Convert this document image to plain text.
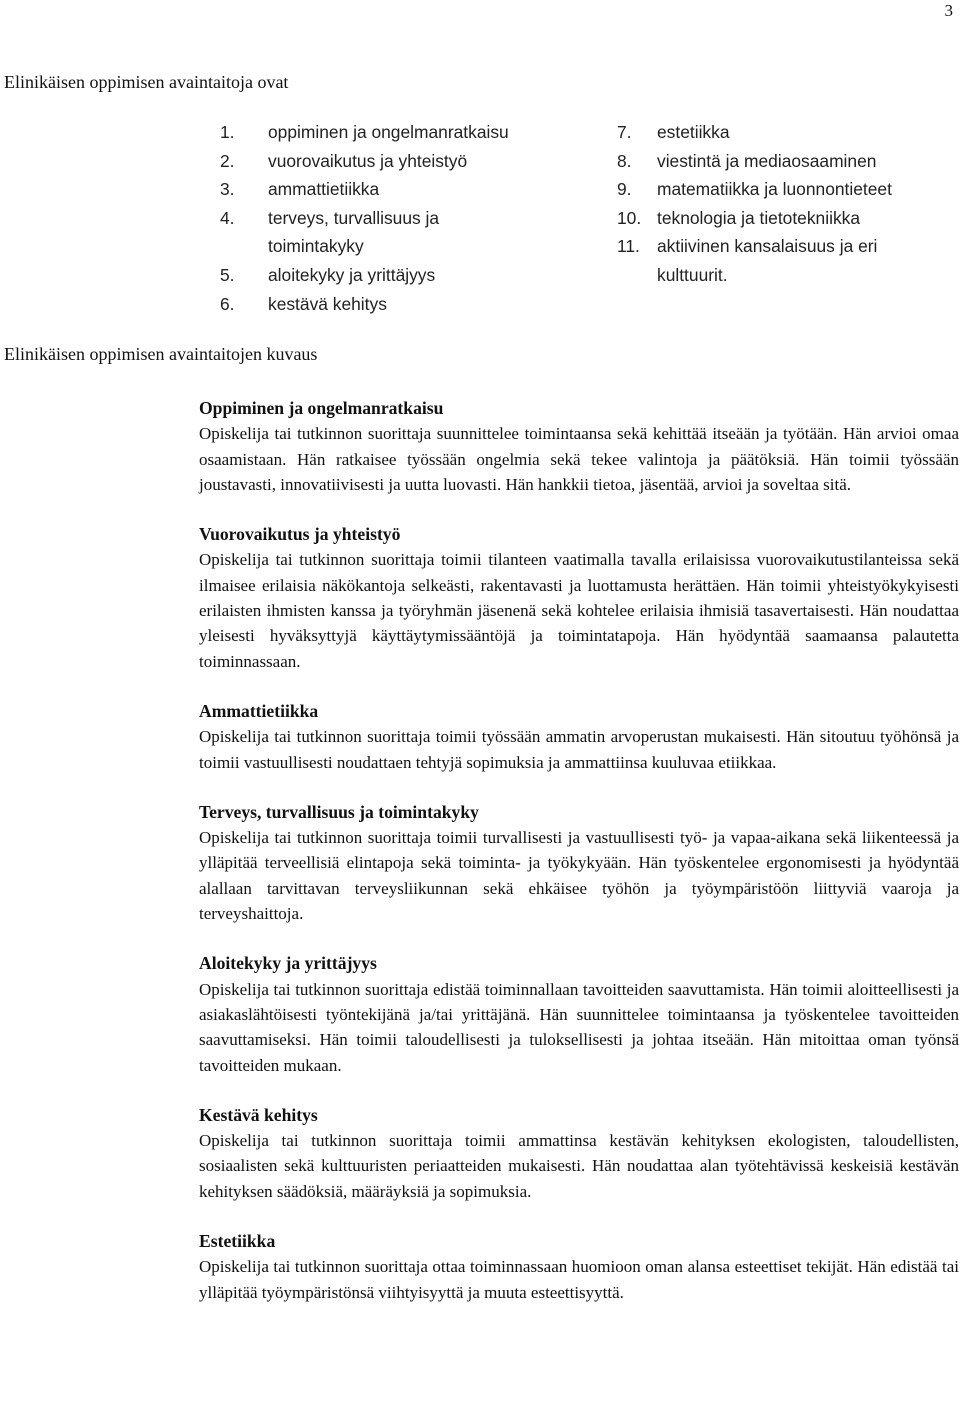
3
Elinikäisen oppimisen avaintaitoja ovat
1.	oppiminen ja ongelmanratkaisu
2.	vuorovaikutus ja yhteistyö
3.	ammattietiikka
4.	terveys, turvallisuus ja toimintakyky
5.	aloitekyky ja yrittäjyys
6.	kestävä kehitys
7.	estetiikka
8.	viestintä ja mediaosaaminen
9.	matematiikka ja luonnontieteet
10. teknologia ja tietotekniikka
11. aktiivinen kansalaisuus ja eri kulttuurit.
Elinikäisen oppimisen avaintaitojen kuvaus
Oppiminen ja ongelmanratkaisu
Opiskelija tai tutkinnon suorittaja suunnittelee toimintaansa sekä kehittää itseään ja työtään. Hän arvioi omaa osaamistaan. Hän ratkaisee työssään ongelmia sekä tekee valintoja ja päätöksiä. Hän toimii työssään joustavasti, innovatiivisesti ja uutta luovasti. Hän hankkii tietoa, jäsentää, arvioi ja soveltaa sitä.
Vuorovaikutus ja yhteistyö
Opiskelija tai tutkinnon suorittaja toimii tilanteen vaatimalla tavalla erilaisissa vuorovaikutustilanteissa sekä ilmaisee erilaisia näkökantoja selkeästi, rakentavasti ja luottamusta herättäen. Hän toimii yhteistyökykyisesti erilaisten ihmisten kanssa ja työryhmän jäsenenä sekä kohtelee erilaisia ihmisiä tasavertaisesti. Hän noudattaa yleisesti hyväksyttyjä käyttäytymissääntöjä ja toimintatapoja. Hän hyödyntää saamaansa palautetta toiminnassaan.
Ammattietiikka
Opiskelija tai tutkinnon suorittaja toimii työssään ammatin arvoperustan mukaisesti. Hän sitoutuu työhönsä ja toimii vastuullisesti noudattaen tehtyjä sopimuksia ja ammattiinsa kuuluvaa etiikkaa.
Terveys, turvallisuus ja toimintakyky
Opiskelija tai tutkinnon suorittaja toimii turvallisesti ja vastuullisesti työ- ja vapaa-aikana sekä liikenteessä ja ylläpitää terveellisiä elintapoja sekä toiminta- ja työkykyään. Hän työskentelee ergonomisesti ja hyödyntää alallaan tarvittavan terveysliikunnan sekä ehkäisee työhön ja työympäristöön liittyviä vaaroja ja terveyshaittoja.
Aloitekyky ja yrittäjyys
Opiskelija tai tutkinnon suorittaja edistää toiminnallaan tavoitteiden saavuttamista. Hän toimii aloitteellisesti ja asiakaslähtöisesti työntekijänä ja/tai yrittäjänä. Hän suunnittelee toimintaansa ja työskentelee tavoitteiden saavuttamiseksi. Hän toimii taloudellisesti ja tuloksellisesti ja johtaa itseään. Hän mitoittaa oman työnsä tavoitteiden mukaan.
Kestävä kehitys
Opiskelija tai tutkinnon suorittaja toimii ammattinsa kestävän kehityksen ekologisten, taloudellisten, sosiaalisten sekä kulttuuristen periaatteiden mukaisesti. Hän noudattaa alan työtehtävissä keskeisiä kestävän kehityksen säädöksiä, määräyksiä ja sopimuksia.
Estetiikka
Opiskelija tai tutkinnon suorittaja ottaa toiminnassaan huomioon oman alansa esteettiset tekijät. Hän edistää tai ylläpitää työympäristönsä viihtyisyyttä ja muuta esteettisyyttä.
